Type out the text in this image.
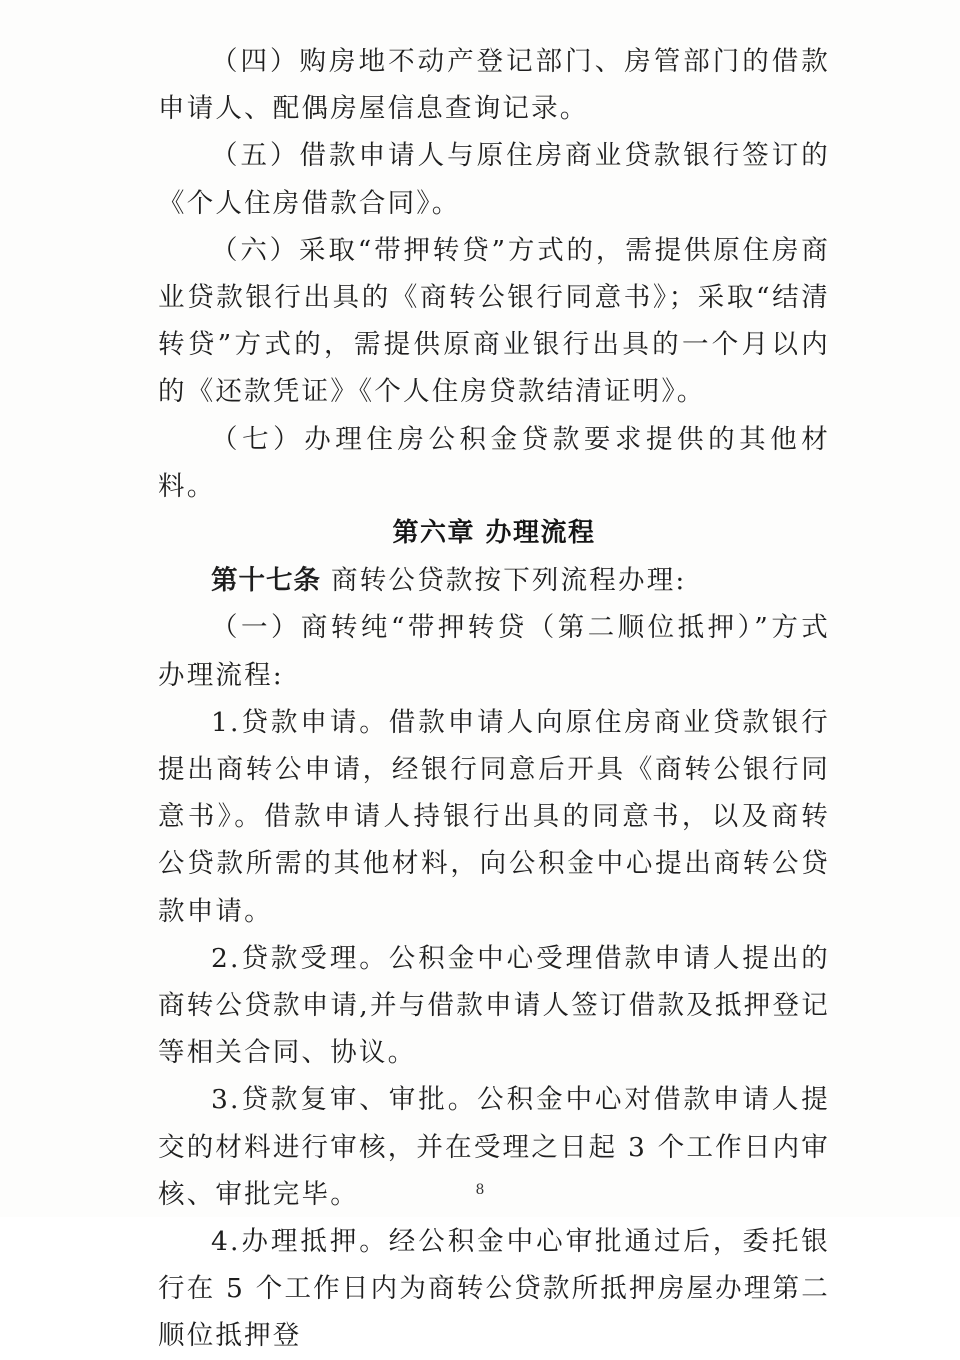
（四）购房地不动产登记部门、房管部门的借款申请人、配偶房屋信息查询记录。

（五）借款申请人与原住房商业贷款银行签订的《个人住房借款合同》。

（六）采取“带押转贷”方式的，需提供原住房商业贷款银行出具的《商转公银行同意书》；采取“结清转贷”方式的，需提供原商业银行出具的一个月以内的《还款凭证》《个人住房贷款结清证明》。

（七）办理住房公积金贷款要求提供的其他材料。

第六章 办理流程

第十七条 商转公贷款按下列流程办理:

（一）商转纯“带押转贷（第二顺位抵押）”方式办理流程:

1.贷款申请。借款申请人向原住房商业贷款银行提出商转公申请，经银行同意后开具《商转公银行同意书》。借款申请人持银行出具的同意书，以及商转公贷款所需的其他材料，向公积金中心提出商转公贷款申请。

2.贷款受理。公积金中心受理借款申请人提出的商转公贷款申请,并与借款申请人签订借款及抵押登记等相关合同、协议。

3.贷款复审、审批。公积金中心对借款申请人提交的材料进行审核，并在受理之日起 3 个工作日内审核、审批完毕。

4.办理抵押。经公积金中心审批通过后，委托银行在 5 个工作日内为商转公贷款所抵押房屋办理第二顺位抵押登

8
